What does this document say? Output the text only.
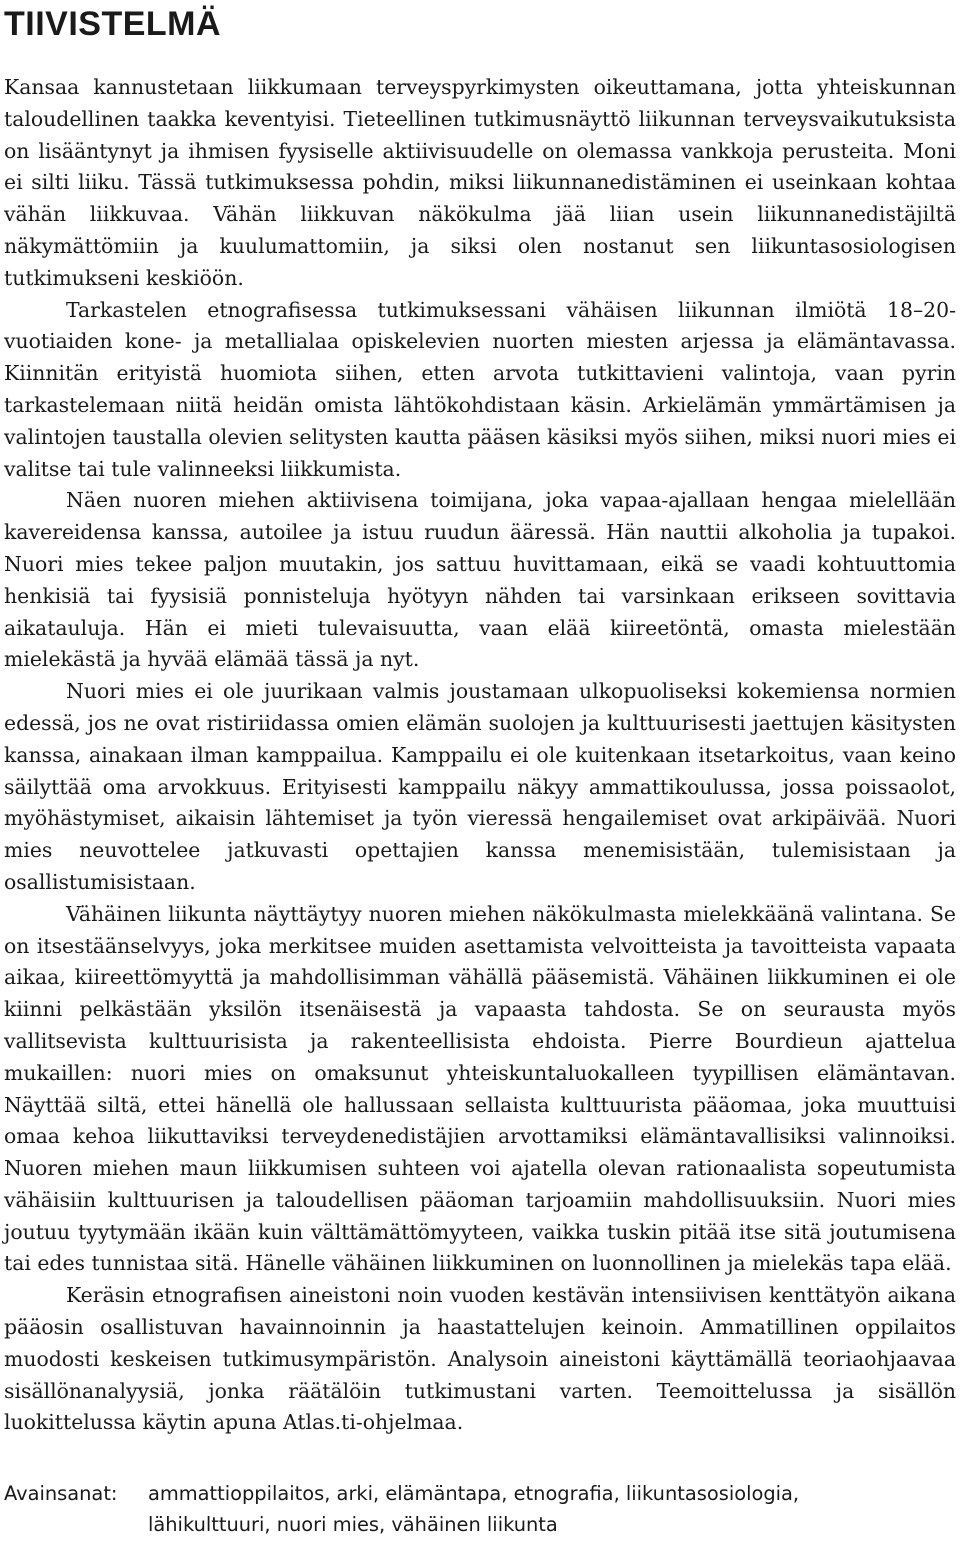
TIIVISTELMÄ

Kansaa kannustetaan liikkumaan terveyspyrkimysten oikeuttamana, jotta yhteiskunnan taloudellinen taakka keventyisi. Tieteellinen tutkimusnäyttö liikunnan terveysvaikutuksista on lisääntynyt ja ihmisen fyysiselle aktiivisuudelle on olemassa vankkoja perusteita. Moni ei silti liiku. Tässä tutkimuksessa pohdin, miksi liikunnanedistäminen ei useinkaan kohtaa vähän liikkuvaa. Vähän liikkuvan näkökulma jää liian usein liikunnanedistäjiltä näkymättömiin ja kuulumattomiin, ja siksi olen nostanut sen liikuntasosiologisen tutkimukseni keskiöön.

Tarkastelen etnografisessa tutkimuksessani vähäisen liikunnan ilmiötä 18–20-vuotiaiden kone- ja metallialaa opiskelevien nuorten miesten arjessa ja elämäntavassa. Kiinnitän erityistä huomiota siihen, etten arvota tutkittavieni valintoja, vaan pyrin tarkastelemaan niitä heidän omista lähtökohdistaan käsin. Arkielämän ymmärtämisen ja valintojen taustalla olevien selitysten kautta pääsen käsiksi myös siihen, miksi nuori mies ei valitse tai tule valinneeksi liikkumista.

Näen nuoren miehen aktiivisena toimijana, joka vapaa-ajallaan hengaa mielellään kavereidensa kanssa, autoilee ja istuu ruudun ääressä. Hän nauttii alkoholia ja tupakoi. Nuori mies tekee paljon muutakin, jos sattuu huvittamaan, eikä se vaadi kohtuuttomia henkisiä tai fyysisiä ponnisteluja hyötyyn nähden tai varsinkaan erikseen sovittavia aikatauluja. Hän ei mieti tulevaisuutta, vaan elää kiireetöntä, omasta mielestään mielekästä ja hyvää elämää tässä ja nyt.

Nuori mies ei ole juurikaan valmis joustamaan ulkopuoliseksi kokemiensa normien edessä, jos ne ovat ristiriidassa omien elämän suolojen ja kulttuurisesti jaettujen käsitysten kanssa, ainakaan ilman kamppailua. Kamppailu ei ole kuitenkaan itsetarkoitus, vaan keino säilyttää oma arvokkuus. Erityisesti kamppailu näkyy ammattikoulussa, jossa poissaolot, myöhästymiset, aikaisin lähtemiset ja työn vieressä hengailemiset ovat arkipäivää. Nuori mies neuvottelee jatkuvasti opettajien kanssa menemisistään, tulemisistaan ja osallistumisistaan.

Vähäinen liikunta näyttäytyy nuoren miehen näkökulmasta mielekkäänä valintana. Se on itsestäänselvyys, joka merkitsee muiden asettamista velvoitteista ja tavoitteista vapaata aikaa, kiireettömyyttä ja mahdollisimman vähällä pääsemistä. Vähäinen liikkuminen ei ole kiinni pelkästään yksilön itsenäisestä ja vapaasta tahdosta. Se on seurausta myös vallitsevista kulttuurisista ja rakenteellisista ehdoista. Pierre Bourdieun ajattelua mukaillen: nuori mies on omaksunut yhteiskuntaluokalleen tyypillisen elämäntavan. Näyttää siltä, ettei hänellä ole hallussaan sellaista kulttuurista pääomaa, joka muuttuisi omaa kehoa liikuttaviksi terveydenedistäjien arvottamiksi elämäntavallisiksi valinnoiksi. Nuoren miehen maun liikkumisen suhteen voi ajatella olevan rationaalista sopeutumista vähäisiin kulttuurisen ja taloudellisen pääoman tarjoamiin mahdollisuuksiin. Nuori mies joutuu tyytymään ikään kuin välttämättömyyteen, vaikka tuskin pitää itse sitä joutumisena tai edes tunnistaa sitä. Hänelle vähäinen liikkuminen on luonnollinen ja mielekäs tapa elää.

Keräsin etnografisen aineistoni noin vuoden kestävän intensiivisen kenttätyön aikana pääosin osallistuvan havainnoinnin ja haastattelujen keinoin. Ammatillinen oppilaitos muodosti keskeisen tutkimusympäristön. Analysoin aineistoni käyttämällä teoriaohjaavaa sisällönanalyysiä, jonka räätälöin tutkimustani varten. Teemoittelussa ja sisällön luokittelussa käytin apuna Atlas.ti-ohjelmaa.

Avainsanat:	ammattioppilaitos, arki, elämäntapa, etnografia, liikuntasosiologia,
lähikulttuuri, nuori mies, vähäinen liikunta
